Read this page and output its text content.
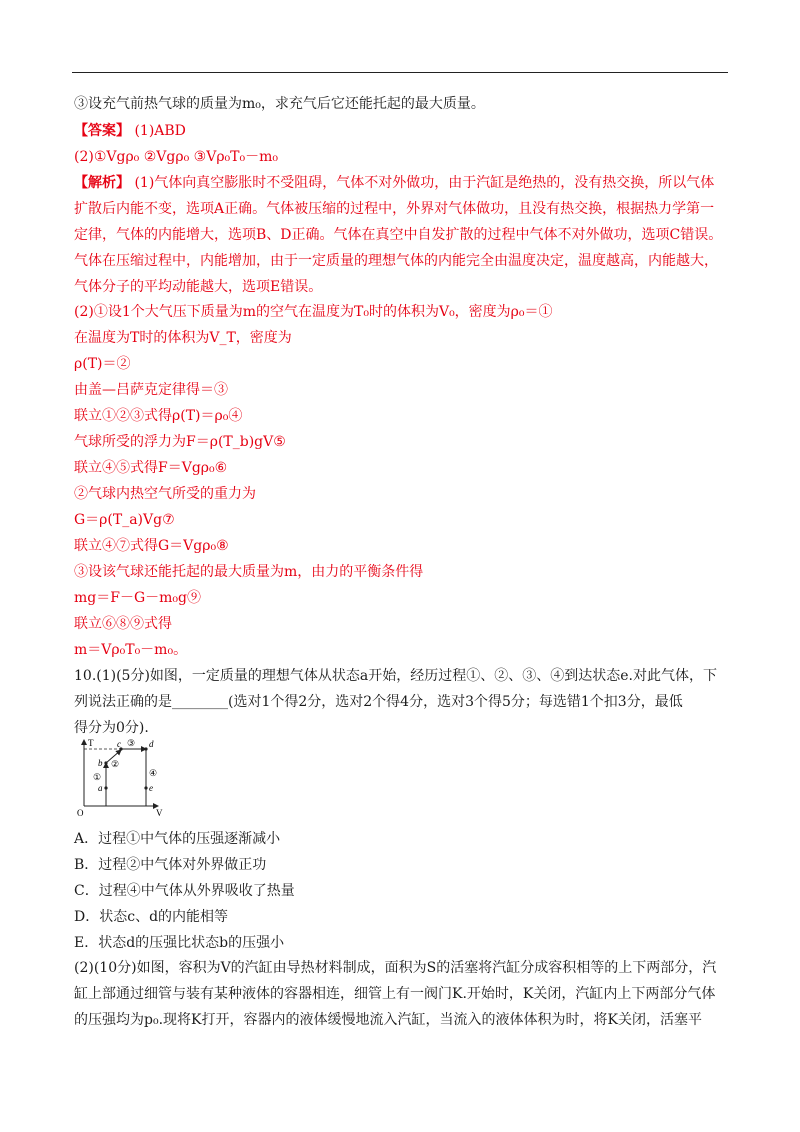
③设充气前热气球的质量为m₀，求充气后它还能托起的最大质量。
【答案】 (1)ABD
(2)①Vgρ₀ ②Vgρ₀ ③Vρ₀T₀－m₀
【解析】 (1)气体向真空膨胀时不受阻碍，气体不对外做功，由于汽缸是绝热的，没有热交换，所以气体
扩散后内能不变，选项A正确。气体被压缩的过程中，外界对气体做功，且没有热交换，根据热力学第一
定律，气体的内能增大，选项B、D正确。气体在真空中自发扩散的过程中气体不对外做功，选项C错误。
气体在压缩过程中，内能增加，由于一定质量的理想气体的内能完全由温度决定，温度越高，内能越大，
气体分子的平均动能越大，选项E错误。
(2)①设1个大气压下质量为m的空气在温度为T₀时的体积为V₀，密度为ρ₀＝①
在温度为T时的体积为V_T，密度为
ρ(T)＝②
由盖—吕萨克定律得＝③
联立①②③式得ρ(T)＝ρ₀④
气球所受的浮力为F＝ρ(T_b)gV⑤
联立④⑤式得F＝Vgρ₀⑥
②气球内热空气所受的重力为
G＝ρ(T_a)Vg⑦
联立④⑦式得G＝Vgρ₀⑧
③设该气球还能托起的最大质量为m，由力的平衡条件得
mg＝F－G－m₀g⑨
联立⑥⑧⑨式得
m＝Vρ₀T₀－m₀。
10.(1)(5分)如图，一定质量的理想气体从状态a开始，经历过程①、②、③、④到达状态e.对此气体，下
列说法正确的是________(选对1个得2分，选对2个得4分，选对3个得5分；每选错1个扣3分，最低
得分为0分).
T
V
O
a
b
c	d
e
①
②
③
④
A．过程①中气体的压强逐渐减小
B．过程②中气体对外界做正功
C．过程④中气体从外界吸收了热量
D．状态c、d的内能相等
E．状态d的压强比状态b的压强小
(2)(10分)如图，容积为V的汽缸由导热材料制成，面积为S的活塞将汽缸分成容积相等的上下两部分，汽
缸上部通过细管与装有某种液体的容器相连，细管上有一阀门K.开始时，K关闭，汽缸内上下两部分气体
的压强均为p₀.现将K打开，容器内的液体缓慢地流入汽缸，当流入的液体体积为时，将K关闭，活塞平
